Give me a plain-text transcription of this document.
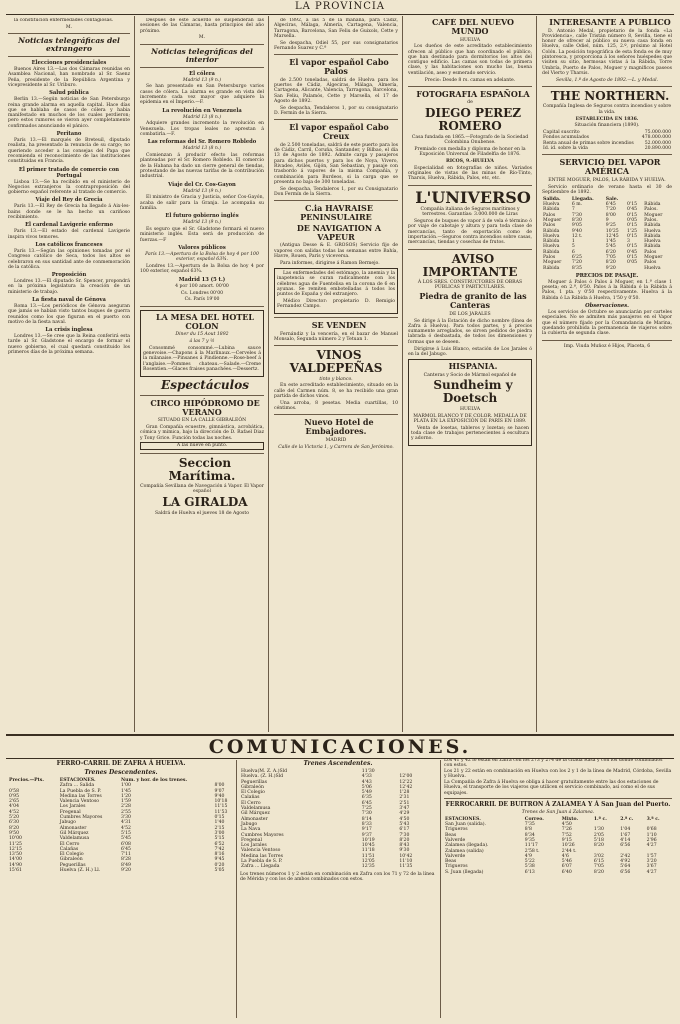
LA PROVINCIA

la constitucion enfermedades contagiosas.

M.

Noticias telegráficas del extrangero
Elecciones presidenciales

Buenos Aires 13.—Las dos Cámaras reunidas en Asamblea Nacional, han nombrado al Sr. Saenz Peña, presidente de la República Argentina y vicepresidente al Sr. Uriburo.

Salud pública

Berlin 13.—Según noticias de San Petersburgo reina grande alarma en aquella capital. Hace días que se hablaba de casos de cólera y habia manifestado en muchos de los cuales perdieron; pero estos rumores se vieron ayer completamente confirmados anunciando el pánico.

Peritano

París 13.—El marqués de Breteuil, diputado realista, ha presentado la renuncia de su cargo; no queriendo acceder a las consejas del Papa que recomienda el reconocimiento de las instituciones constituidas en Francia.

El primer tratado de comercio con Portugal

Lisboa 13.—Se ha recibido en el ministerio de Negocios extranjeros la contraproposición del gobierno español referente al tratado de comercio.

Viaje del Rey de Grecia

París 13.—El Rey de Grecia ha llegado á Aix-les-bains donde se le ha hecho un cariñoso recibimiento.

El cardenal Lavigerie enfermo

París 13.—El estado del cardenal Lavigerie inspira vivos temores.

Los católicos franceses

París 13.—Según las opiniones tomadas por el Congreso católico de Seca, todos los altos se celebraron en sus santidad ante de conmemoración de la católica.

Proposición

Londres 13.—El diputado Sr. Spencer, propondrá en la próxima legislatura la creación de un ministerio de trabajo.

La fiesta naval de Génova

Roma 13.—Los periódicos de Génova aseguran que jamás se habían visto tantos buques de guerra reunidos como los que figuran en el puerto con motivo de la fiesta naval.

La crisis inglesa

Londres 13.—Se cree que la Reina conferirá esta tarde al Sr. Gladstone el encargo de formar el nuevo gobierno, el cual quedará constituido los primeros días de la próxima semana.

Después de este acuerdo se suspenderán las sesiones de las Cámaras, hasta principios del año próximo.

M.

Noticias telegráficas del interior
El cólera

Madrid 13 (9 n.)

Se han presentado en San Petersburgo varios casos de cólera. La alarma es grande en vista del incremento cada vez mayor que adquiere la epidemia en el Imperio.—F.

La revolución en Venezuela

Madrid 13 (8 n.)

Adquiere grandes incremento la revolución en Venezuela. Los tropas leales no aprestan á combatirla.—F.

Las reformas del Sr. Romero Robledo

Madrid 13 (8 n.)

Comienzan á producir efecto las reformas planteadas por el Sr. Romero Robledo. El comercio de la Habana ha dado un cierre general de tiendas, protestando de las nuevas tarifas de la contribución industrial.

Viaje del Cr. Cos-Gayon

Madrid 13 (9 n.)

El ministro de Gracia y Justicia, señor Cos-Gayón, acaba de salir para la Granja. Le acompaña su familia.

El futuro gobierno inglés

Madrid 13 (9 n.)

Es seguro que el Sr. Gladstone formará el nuevo ministerio inglés. Esta será de producción de fuerzas.—F

Valores públicos

París 13.—Apertura de la Bolsa de hoy 4 por 100 exterior, español 63¾.

Londres 13.—Apertura de la Bolsa de hoy 4 por 100 exterior, español 63¾.

Madrid 13 (5 t.)

4 por 100 amort. 00'00

Cs. Londres 00'00

Cs. París 19'00

LA MESA DEL HOTEL COLON

Diner du 15 Aout 1892

á las 7 y ½

Consommé consommé.—Lubina sauce genevoise.—Chapons á la Marlinaux.—Cerveles á la milanaise.—Pinsanes á Pindienne.—Rose-beef á l'anglaise.—Pommes chateau.—Salade.—Creme Rosentien.—Glaces fraises panachées.—Dessertz.

Espectáculos

CIRCO HIPÓDROMO DE VERANO

SITUADO EN LA CALLE GIBRALEÓN

Gran Compañía ecuestre, gimnástica, acrobática, cómica y mímica, bajo la dirección de D. Rafael Diaz y Tony Grice. Función todas las noches.

A las nueve en punto.

Seccion Marítima.

Compañía Sevillana de Navegación á Vapor. El Vapor español

LA GIRALDA

Saldrá de Huelva el jueves 18 de Agosto

de 1892, á las 5 de la mañana, para Cádiz, Algeciras, Málaga, Almería, Cartagena, Valencia, Tarragona, Barcelona, San Feliu de Guixols, Cette y Marsella.

Se despacha, Odiel 55, por sus consignatarios Fernando Suarez y C.ª

El vapor español Cabo Palos

de 2.500 toneladas, saldrá de Huelva para los puertos de Cádiz, Algeciras, Málaga, Almería, Cartagena, Alicante, Valencia, Tarragona, Barcelona, San Feliu, Palamós, Cette y Marsella, el 17 de Agosto de 1892.

Se despacha, Tendaleros 1, por su consignatario D. Fermín de la Sierra.

El vapor español Cabo Creux

de 2.500 toneladas, saldrá de este puerto para los de Cádiz, Carril, Coruña, Santander, y Bilbao, el día 13 de Agosto de 1892. Admite carga y pasajeros para dichos puertos y para los de Noya, Vivero, Rivadeo, Avilés, Gijón, San Sebastian, y pasaje con trasbordo á vapores de la misma Compañía, y combinación para Burdeos, si la carga que se presenta no baja de 300 toneladas.

Se despacha, Tendaleros 1, por su Consignatario Don Fermín de la Sierra.

C.ia HAVRAISE PENINSULAIRE

DE NAVIGATION A VAPEUR

(Antigua Desse & E. GROSOS) Servicio fijo de vapores con salidas todas las semanas entre Bahía, Havre, Rouen, París y viceversa.

Para informes, dirigirse á Ramon Bermejo.

Las enfermedades del estómago, la anemia y la inapetencia se curan radicalmente con los célebres agua de Fuentelisa en la corona de 6 en ayunas. Se remiten embotelladas á todos los puntos de España y del extranjero.

Médico Director: propietario D. Remigio Fernandez Campo.

SE VENDEN

Fernándiz y la vencería, en el bazar de Manuel Monsalo, Segunda número 2 y Tetuan 1.

VINOS VALDEPEÑAS

tinto y blanco.

En este acreditado establecimiento, situado en la calle del Carmen núm. 8, se ha recibido una gran partida de dichos vinos.

Una arroba, 8 pesetas. Media cuartillas, 10 céntimos.

Nuevo Hotel de Embajadores.

MADRID

Calle de la Victoria 1, y Carrera de San Jerónimo.

CAFÉ DEL NUEVO MUNDO

HUELVA

Los dueños de este acreditado establecimiento ofrecen al público que han coordinado el público, que han destinado para dormitorios los altos del contiguo edificio. Las camas son todas de primera clase, y las habitaciones son mucho las, buena ventilación, aseo y esmerado servicio.

Precio: Desde 8 rs. camas en adelante.

FOTOGRAFIA ESPAÑOLA

de

DIEGO PEREZ ROMERO

Casa fundada en 1865.—Fotografo de la Sociedad Colombina Onubense.

Premiado con medalla y diploma de honor en la Exposición Universal de Filadelfia de 1876.

RICOS, 9.-HUELVA

Especialidad en fotografías de niños. Variados originales de vistas de las minas de Río-Tinto, Tharsis, Huelva, Rábida, Palos, etc, etc.

L'UNIVERSO

Compañía italiana de Seguros marítimos y terrestres. Garantías: 3.000.000 de Liras

Seguros de buques de vapor á de vela é término ó por viaje de cabotaje y altura y para toda clase de mercancías, tanto de exportación como de importación.—Seguros contra incendios sobre casas, mercancías, tiendas y cosechas de frutos.

AVISO IMPORTANTE

Á LOS SRES. CONSTRUCTORES DE OBRAS PÚBLICAS Y PARTICULARES.

Piedra de granito de las Canteras

DE LOS JARALES

Se dirige á la Estación de dicho nombre (línea de Zafra á Huelva). Para todos partes, y á precios sumamente arreglados, se sirven pedidos de piedra labrada ó desbastada, de todos los dimensiones y formas que se deseen.

Dirigirse á Luis Blanco, estación de Los Jarales ó en la del Jabugo.

HISPANIA.

Canteras y Socio de Mármol español de

Sundheim y Doetsch

HUELVA

MARMOL BLANCO Y DE COLOR. MEDALLA DE PLATA EN LA EXPOSICIÓN DE PARÍS EN 1889.

Venta de losetas, tableros y lozetas; se hacen toda clase de trabajos pertenecientes á escultura y adorno.

INTERESANTE Á PÚBLICO

D. Antonio Medal, propietario de la fonda «La Providencia», calle Tristán número 8, Sevilla, tiene el honor de ofrecer al público su nueva casa fonda en Huelva, calle Odiel, núm. 125, 2.º, próximo al Hotel Colón. La posición topográfica de esta fonda es de muy pintoresca, y proporciona á los señores huéspedes que visiten su sitio, hermosas vistas á la Rábida, Torre Umbría, Puerto de Palos, Moguer y magníficos paseos del Vierto y Tharsis.

Sevilla, 1.º de Agosto de 1892.—L. y Medal.

THE NORTHERN.

Compañía Inglesa de Seguros contra incendios y sobre la vida.

ESTABLECIDA EN 1836.

Situación financiera (1890).

Capital suscrito	75.000.000
Fondos acumulados	478.000.000
Renta anual de primas sobre incendios	52.000.000
Id. id. sobre la vida	20.890.000

SERVICIO DEL VAPOR AMÉRICA

ENTRE MOGUER, PALOS, LA RÁBIDA Y HUELVA.

Servicio ordinario de verano hasta el 30 de Septiembre de 1892.

Salida.	Llegada.	Sale.		
Huelva	6 m.	6'45	0'15	Rábida
Rábida	7	7'20	0'45	Palos.
Palos	7'30	8'00	0'15	Moguer
Moguer	8'30	9	0'05	Palos.
Palos	9'05	9'25	0'15	Rábida
Rábida	9'40	10'25	1'25	Huelva
Huelva	12 t.	12'45	0'15	Rábida
Rábida	1	1'45	3	Huelva
Huelva	5	5'45	0'15	Rábida
Rábida	6	6'20	0'45	Palos
Palos	6'25	7'05	0'15	Moguer
Moguer	7'20	8'20	0'05	Palos
Rábida	8'35	9'20		Huelva
PRECIOS DE PASAJE.

Moguer á Palos ó Palos á Moguer, en 1.ª clase 1 peseta; en 2.ª, 0'50. Palos á la Rábida ó la Rábida á Palos, 1 pta. y 0'50 respectivamente. Huelva á la Rábida ó La Rábida á Huelva, 1'50 y 0'50.

Observaciones.

Los servicios de Octubre se anunciarán por carteles especiales. No se admiten más pasajeros en el Vapor que el número fijado por la Comandancia de Marina, quedando prohibida la permanencia de viajeros sobre la cubierta de segunda clase.

Imp. Viuda Muñoz é Hijos, Placeta, 6

COMUNICACIONES.
FERRO-CARRIL DE ZAFRA Á HUELVA.
Trenes Descendentes.
Precios.—Pts.	ESTACIONES.	Num. y hor. de los trenes.	
	Zafra ... Salida	1'00	8'00
0'58	La Puebla de S. P.	1'45	9'07
0'95	Medina las Torres	1'20	9'40
2'65	Valencia Ventoso	1'59	10'18
4'04	Los Jarales	2'28	11'15
4'52	Fregenal	2'55	11'53
5'20	Cumbres Mayores	3'30	0'15
6'30	Jabugo	4'31	1'40
8'20	Almonaster	4'52	2'15
9'50	Gil Márquez	5'15	3'00
10'00	Valdelamusa	5'45	5'15
11'25	El Cerro	6'08	6'52
12'15	Calañas	6'45	7'42
13'50	El Colegio	7'11	8'16
14'00	Gibraleón	8'28	9'45
14'90	Peguerillas	8'49	0'20
15'61	Huelva (Z. H.) Ll.	9'20	5'05
Trenes Ascendentes.
Huelva(M. Z. A.)Sld	11'30	
Huelva. (Z. H.)Sld	4'33	12'00
Peguerillas	4'43	12'22
Gibraleón	5'06	12'42
El Colegio	5'49	1'28
Calañas	6'35	2'31
El Cerro	6'45	2'51
Valdelamusa	7'25	3'47
Gil Márquez	7'30	4'29
Almonaster	8'14	4'50
Jabugo	8'33	5'43
La Nava	9'17	6'17
Cumbres Mayores	9'37	7'30
Fregenal	10'19	8'20
Los Jarales	10'45	8'43
Valencia Ventoso	11'18	9'30
Medina las Torres	11'51	10'42
La Puebla de S. P.	12'05	11'10
Zafra ... Llegada	12'35	11'35

Los trenes números 1 y 2 están en combinación en Zafra con los 71 y 72 de la línea de Mérida y con los de ambos combinados con estos.

Los 41 y 42 lo están en Zafra con los 273 y 274 de la citada Rasa y con los donde combinados con estos.

Los 21 y 22 están en combinación en Huelva con los 2 y 1 de la línea de Madrid, Córdoba, Sevilla y Huelva.

La Compañía de Zafra á Huelva se obliga á hacer gratuitamente entre las dos estaciones de Huelva, el transporte de los viajeros que utilicen el servicio combinado, así como el de sus equipajes.

FERROCARRIL DE BUITRON Á ZALAMEA Y Á San Juan del Puerto.

Trenes de San Juan á Zalamea.

ESTACIONES.	Correo.	Mixto.	1.ª c.	2.ª c.	3.ª c.
San Juan (salida).	7'35	4'50			
Trigueros	8'8	7'26	1'30	1'04	0'68
Beas	8'34	7'52	2'05	1'67	1'10
Valverde	9'35	9'15	5'18	4'14	2'96
Zalamea (llegada).	11'17	10'26	8'20	6'56	4'27
Zalamea (salida)	2'58 t.	2'44 t.			
Valverde	4'9	4'6	3'02	2'42	1'57
Beas	5'22	5'46	6'15	4'92	3'20
Trigueros	5'38	6'07	7'05	5'64	3'67
S. Juan (llegada)	6'13	6'40	8'20	6'56	4'27
